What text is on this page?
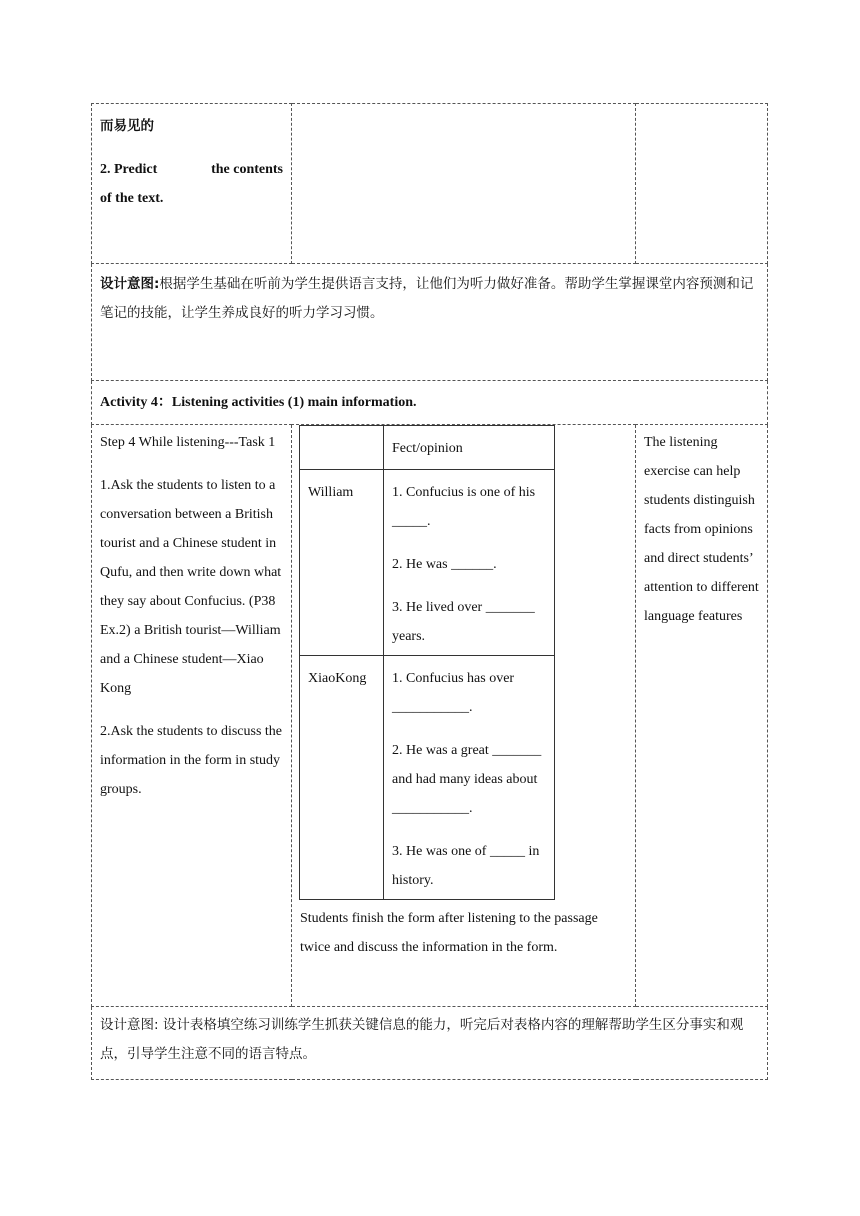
而易见的

2. Predict	the contents

of the text.

设计意图:根据学生基础在听前为学生提供语言支持，让他们为听力做好准备。帮助学生掌握课堂内容预测和记笔记的技能，让学生养成良好的听力学习习惯。

Activity 4：Listening activities (1) main information.

Step 4 While listening---Task 1

1.Ask the students to listen to a conversation between a British tourist and a Chinese student in Qufu, and then write down what they say about Confucius. (P38 Ex.2) a British tourist—William and a Chinese student—Xiao Kong

2.Ask the students to discuss the information in the form in study groups.

	Fect/opinion
William	1. Confucius is one of his _____.

2. He was ______.

3. He lived over _______ years.

XiaoKong	1. Confucius has over ___________.

2. He was a great _______ and had many ideas about ___________.

3. He was one of _____ in history.

Students finish the form after listening to the passage twice and discuss the information in the form.

The listening exercise can help students distinguish facts from opinions and direct students’ attention to different language features

设计意图: 设计表格填空练习训练学生抓获关键信息的能力，听完后对表格内容的理解帮助学生区分事实和观点，引导学生注意不同的语言特点。
